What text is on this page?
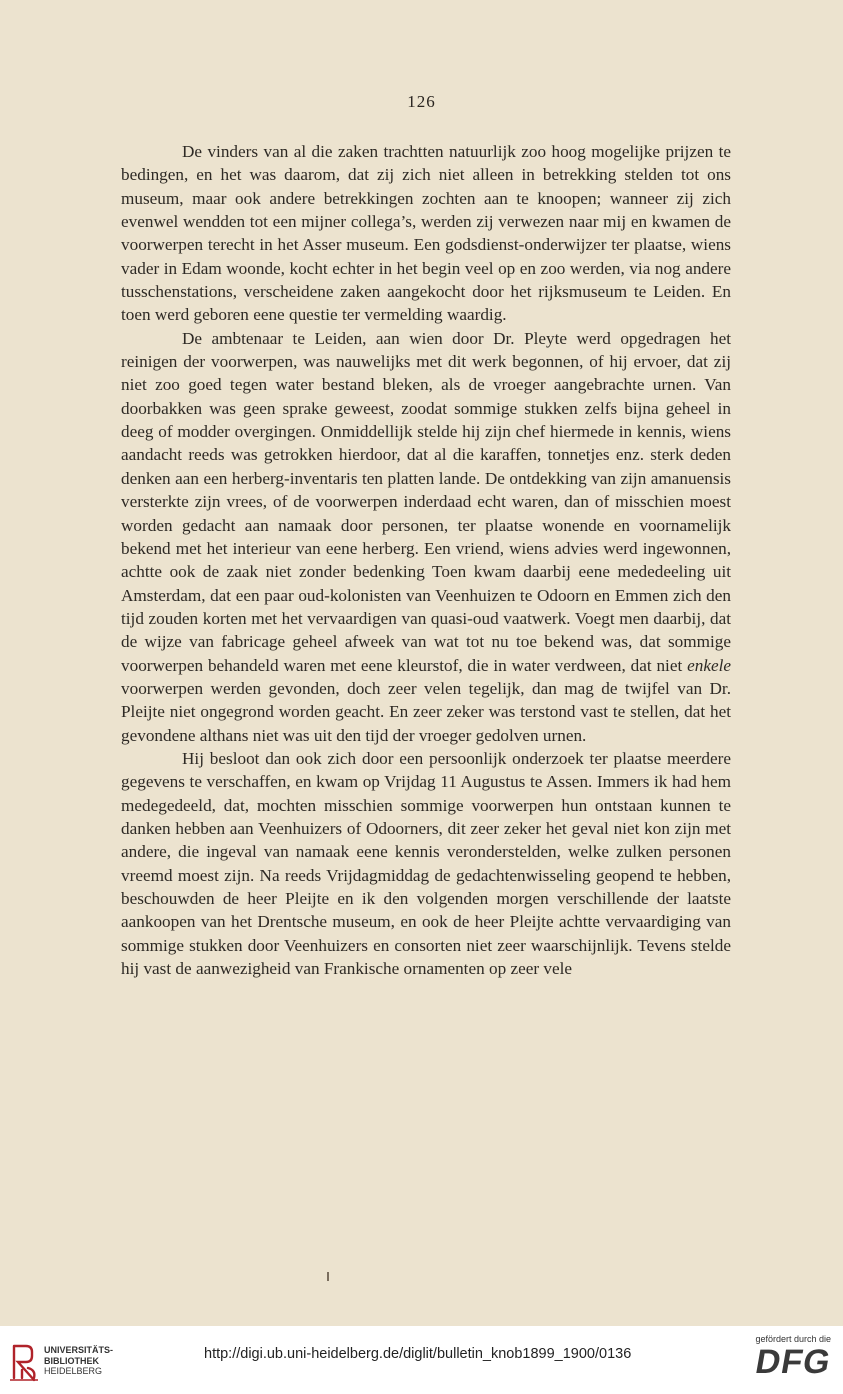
126

De vinders van al die zaken trachtten natuurlijk zoo hoog mogelijke prijzen te bedingen, en het was daarom, dat zij zich niet alleen in betrekking stelden tot ons museum, maar ook andere betrekkingen zochten aan te knoopen; wanneer zij zich evenwel wendden tot een mijner collega’s, werden zij verwezen naar mij en kwamen de voorwerpen terecht in het Asser museum. Een godsdienst-onderwijzer ter plaatse, wiens vader in Edam woonde, kocht echter in het begin veel op en zoo werden, via nog andere tusschenstations, verscheidene zaken aangekocht door het rijksmuseum te Leiden. En toen werd geboren eene questie ter vermelding waardig.

De ambtenaar te Leiden, aan wien door Dr. Pleyte werd opgedragen het reinigen der voorwerpen, was nauwelijks met dit werk begonnen, of hij ervoer, dat zij niet zoo goed tegen water bestand bleken, als de vroeger aangebrachte urnen. Van doorbakken was geen sprake geweest, zoodat sommige stukken zelfs bijna geheel in deeg of modder overgingen. Onmiddellijk stelde hij zijn chef hiermede in kennis, wiens aandacht reeds was getrokken hierdoor, dat al die karaffen, tonnetjes enz. sterk deden denken aan een herberg-inventaris ten platten lande. De ontdekking van zijn amanuensis versterkte zijn vrees, of de voorwerpen inderdaad echt waren, dan of misschien moest worden gedacht aan namaak door personen, ter plaatse wonende en voornamelijk bekend met het interieur van eene herberg. Een vriend, wiens advies werd ingewonnen, achtte ook de zaak niet zonder bedenking Toen kwam daarbij eene mededeeling uit Amsterdam, dat een paar oud-kolonisten van Veenhuizen te Odoorn en Emmen zich den tijd zouden korten met het vervaardigen van quasi-oud vaatwerk. Voegt men daarbij, dat de wijze van fabricage geheel afweek van wat tot nu toe bekend was, dat sommige voorwerpen behandeld waren met eene kleurstof, die in water verdween, dat niet enkele voorwerpen werden gevonden, doch zeer velen tegelijk, dan mag de twijfel van Dr. Pleijte niet ongegrond worden geacht. En zeer zeker was terstond vast te stellen, dat het gevondene althans niet was uit den tijd der vroeger gedolven urnen.

Hij besloot dan ook zich door een persoonlijk onderzoek ter plaatse meerdere gegevens te verschaffen, en kwam op Vrijdag 11 Augustus te Assen. Immers ik had hem medegedeeld, dat, mochten misschien sommige voorwerpen hun ontstaan kunnen te danken hebben aan Veenhuizers of Odoorners, dit zeer zeker het geval niet kon zijn met andere, die ingeval van namaak eene kennis veronderstelden, welke zulken personen vreemd moest zijn. Na reeds Vrijdagmiddag de gedachtenwisseling geopend te hebben, beschouwden de heer Pleijte en ik den volgenden morgen verschillende der laatste aankoopen van het Drentsche museum, en ook de heer Pleijte achtte vervaardiging van sommige stukken door Veenhuizers en consorten niet zeer waarschijnlijk. Tevens stelde hij vast de aanwezigheid van Frankische ornamenten op zeer vele

UNIVERSITÄTS-
BIBLIOTHEK
HEIDELBERG
http://digi.ub.uni-heidelberg.de/diglit/bulletin_knob1899_1900/0136
gefördert durch die
DFG
